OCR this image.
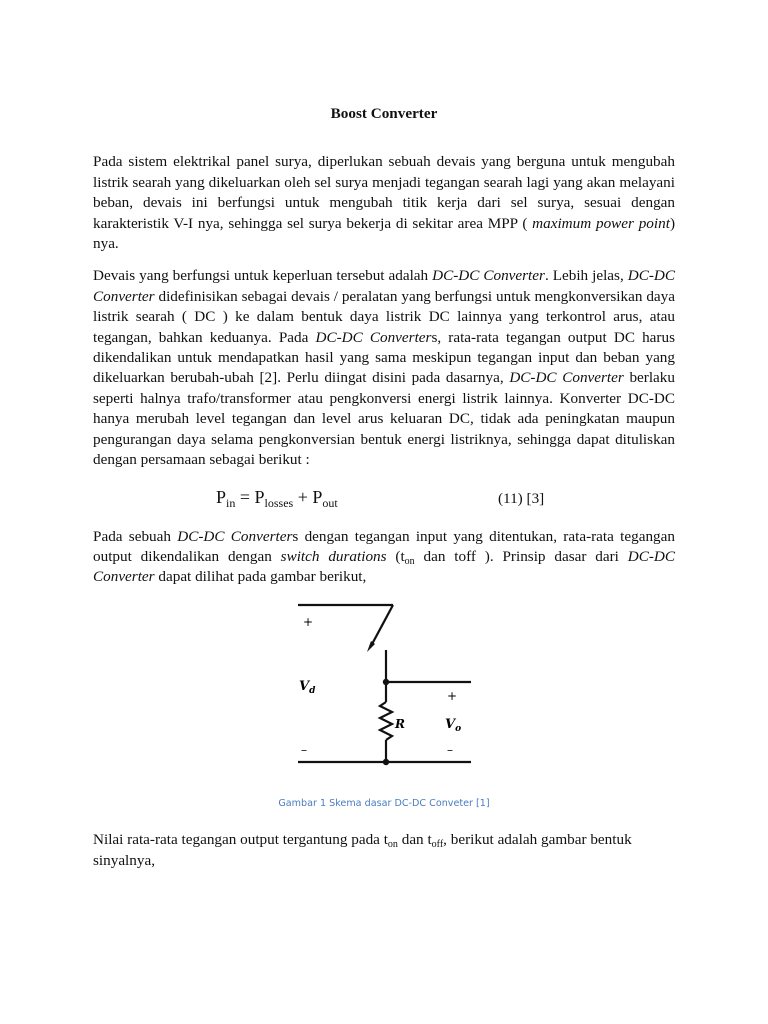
Boost Converter

Pada sistem elektrikal panel surya, diperlukan sebuah devais yang berguna untuk mengubah listrik searah yang dikeluarkan oleh sel surya menjadi tegangan searah lagi yang akan melayani beban, devais ini berfungsi untuk mengubah titik kerja dari sel surya, sesuai dengan karakteristik V-I nya, sehingga sel surya bekerja di sekitar area MPP ( maximum power point) nya.

Devais yang berfungsi untuk keperluan tersebut adalah DC-DC Converter. Lebih jelas, DC-DC Converter didefinisikan sebagai devais / peralatan yang berfungsi untuk mengkonversikan daya listrik searah ( DC ) ke dalam bentuk daya listrik DC lainnya yang terkontrol arus, atau tegangan, bahkan keduanya. Pada DC-DC Converters, rata-rata tegangan output DC harus dikendalikan untuk mendapatkan hasil yang sama meskipun tegangan input dan beban yang dikeluarkan berubah-ubah [2]. Perlu diingat disini pada dasarnya, DC-DC Converter berlaku seperti halnya trafo/transformer atau pengkonversi energi listrik lainnya. Konverter DC-DC hanya merubah level tegangan dan level arus keluaran DC, tidak ada peningkatan maupun pengurangan daya selama pengkonversian bentuk energi listriknya, sehingga dapat dituliskan dengan persamaan sebagai berikut :

$P_{in} = P_{losses} + P_{out}$	(11) [3]

Pada sebuah DC-DC Converters dengan tegangan input yang ditentukan, rata-rata tegangan output dikendalikan dengan switch durations ($t_{on}$ dan toff ). Prinsip dasar dari DC-DC Converter dapat dilihat pada gambar berikut,

+
$V_d$
R
+
$V_o$
–	–
Gambar 1 Skema dasar DC-DC Conveter [1]

Nilai rata-rata tegangan output tergantung pada $t_{on}$ dan $t_{off}$, berikut adalah gambar bentuk sinyalnya,
